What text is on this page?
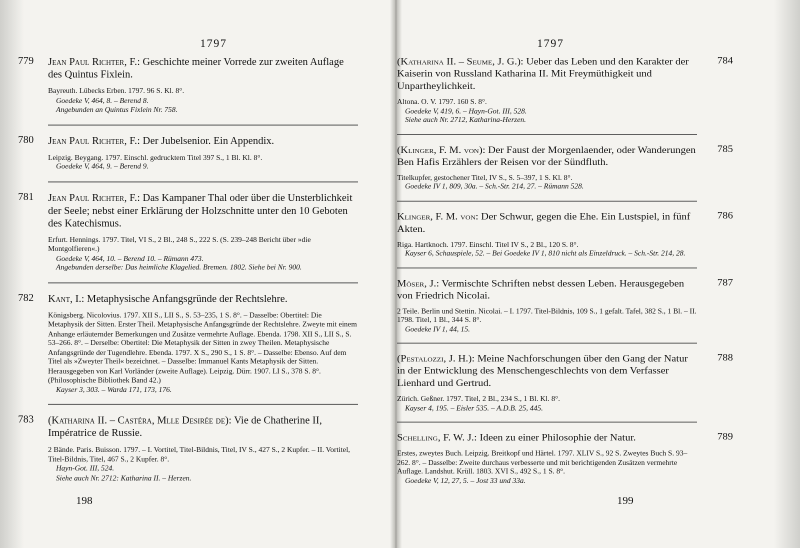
1797
779 Jean Paul Richter, F.: Geschichte meiner Vorrede zur zweiten Auflage des Quintus Fixlein.
Bayreuth. Lübecks Erben. 1797. 96 S. Kl. 8°.
Goedeke V, 464, 8. – Berend 8.
Angebunden an Quintus Fixlein Nr. 758.
780 Jean Paul Richter, F.: Der Jubelsenior. Ein Appendix.
Leipzig. Beygang. 1797. Einschl. gedrucktem Titel 397 S., 1 Bl. Kl. 8°.
Goedeke V, 464, 9. – Berend 9.
781 Jean Paul Richter, F.: Das Kampaner Thal oder über die Unsterblichkeit der Seele; nebst einer Erklärung der Holzschnitte unter den 10 Geboten des Katechismus.
Erfurt. Hennings. 1797. Titel, VI S., 2 Bl., 248 S., 222 S. (S. 239–248 Bericht über »die Montgolfieren«.)
Goedeke V, 464, 10. – Berend 10. – Rümann 473.
Angebunden derselbe: Das heimliche Klagelied. Bremen. 1802. Siehe bei Nr. 900.
782 Kant, I.: Metaphysische Anfangsgründe der Rechtslehre.
Königsberg. Nicolovius. 1797. XII S., LII S., S. 53–235, 1 S. 8°. – Dasselbe: Obertitel: Die Metaphysik der Sitten. Erster Theil. Metaphysische Anfangsgründe der Rechtslehre. Zweyte mit einem Anhange erläuternder Bemerkungen und Zusätze vermehrte Auflage. Ebenda. 1798. XII S., LII S., S. 53–266. 8°. – Derselbe: Obertitel: Die Metaphysik der Sitten in zwey Theilen. Metaphysische Anfangsgründe der Tugendlehre. Ebenda. 1797. X S., 290 S., 1 S. 8°. – Dasselbe: Ebenso. Auf dem Titel als »Zweyter Theil« bezeichnet. – Dasselbe: Immanuel Kants Metaphysik der Sitten. Herausgegeben von Karl Vorländer (zweite Auflage). Leipzig. Dürr. 1907. LI S., 378 S. 8°. (Philosophische Bibliothek Band 42.)
Kayser 3, 303. – Warda 171, 173, 176.
783 (Katharina II. – Castéra, Mlle Desirée de): Vie de Chatherine II, Impératrice de Russie.
2 Bände. Paris. Buisson. 1797. – I. Vortitel, Titel-Bildnis, Titel, IV S., 427 S., 2 Kupfer. – II. Vortitel, Titel-Bildnis, Titel, 467 S., 2 Kupfer. 8°.
Hayn-Got. III, 524.
Siehe auch Nr. 2712: Katharina II. – Herzen.
198
1797
784
(Katharina II. – Seume, J. G.): Ueber das Leben und den Karakter der Kaiserin von Russland Katharina II. Mit Freymüthigkeit und Unpartheylichkeit.
Altona. O. V. 1797. 160 S. 8°.
Goedeke V, 419, 6. – Hayn-Got. III, 528.
Siehe auch Nr. 2712, Katharina-Herzen.
785
(Klinger, F. M. von): Der Faust der Morgenlaender, oder Wanderungen Ben Hafis Erzählers der Reisen vor der Sündfluth.
Titelkupfer, gestochener Titel, IV S., S. 5–397, 1 S. Kl. 8°.
Goedeke IV 1, 809, 30a. – Sch.-Str. 214, 27. – Rümann 528.
786
Klinger, F. M. von: Der Schwur, gegen die Ehe. Ein Lustspiel, in fünf Akten.
Riga. Hartknoch. 1797. Einschl. Titel IV S., 2 Bl., 120 S. 8°.
Kayser 6, Schauspiele, 52. – Bei Goedeke IV 1, 810 nicht als Einzeldruck. – Sch.-Str. 214, 28.
787
Möser, J.: Vermischte Schriften nebst dessen Leben. Herausgegeben von Friedrich Nicolai.
2 Teile. Berlin und Stettin. Nicolai. – I. 1797. Titel-Bildnis, 109 S., 1 gefalt. Tafel, 382 S., 1 Bl. – II. 1798. Titel, 1 Bl., 344 S. 8°.
Goedeke IV 1, 44, 15.
788
(Pestalozzi, J. H.): Meine Nachforschungen über den Gang der Natur in der Entwicklung des Menschengeschlechts von dem Verfasser Lienhard und Gertrud.
Zürich. Geßner. 1797. Titel, 2 Bl., 234 S., 1 Bl. Kl. 8°.
Kayser 4, 195. – Eisler 535. – A.D.B. 25, 445.
789
Schelling, F. W. J.: Ideen zu einer Philosophie der Natur.
Erstes, zweytes Buch. Leipzig. Breitkopf und Härtel. 1797. XLIV S., 92 S. Zweytes Buch S. 93–262. 8°. – Dasselbe: Zweite durchaus verbesserte und mit berichtigenden Zusätzen vermehrte Auflage. Landshut. Krüll. 1803. XVI S., 492 S., 1 S. 8°.
Goedeke V, 12, 27, 5. – Jost 33 und 33a.
199
